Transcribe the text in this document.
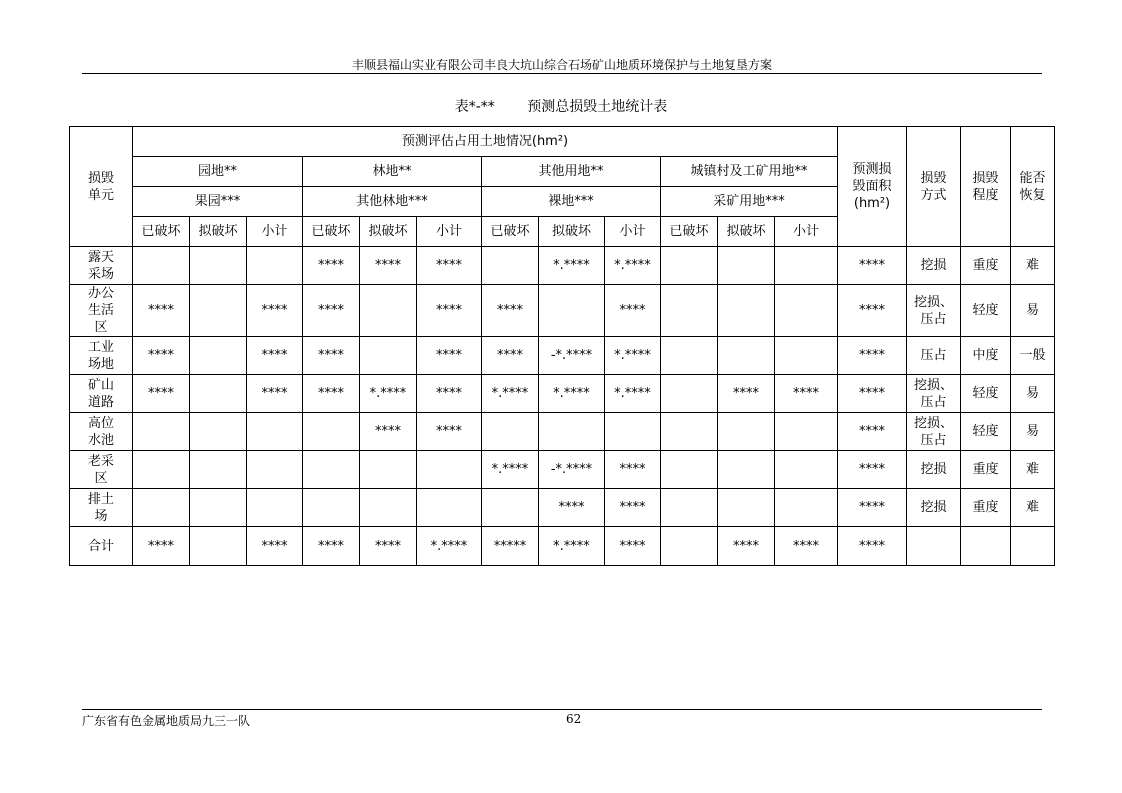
丰顺县福山实业有限公司丰良大坑山综合石场矿山地质环境保护与土地复垦方案
表*-** 预测总损毁土地统计表
损毁单元	预测评估占用土地情况(hm²)												预测损毁面积(hm²)	损毁方式	损毁程度	能否恢复
	园地**			林地**			其他用地**			城镇村及工矿用地**						
	果园***			其他林地***			裸地***			采矿用地***						
	已破坏	拟破坏	小计	已破坏	拟破坏	小计	已破坏	拟破坏	小计	已破坏	拟破坏	小计				
露天采场				****	****	****		*.****	*.****				****	挖损	重度	难
办公生活区	****		****	****		****	****		****				****	挖损、压占	轻度	易
工业场地	****		****	****		****	****	-*.****	*.****				****	压占	中度	一般
矿山道路	****		****	****	*.****	****	*.****	*.****	*.****		****	****	****	挖损、压占	轻度	易
高位水池					****	****							****	挖损、压占	轻度	易
老采区							*.****	-*.****	****				****	挖损	重度	难
排土场								****	****				****	挖损	重度	难
合计	****		****	****	****	*.****	*****	*.****	****		****	****	****			
广东省有色金属地质局九三一队	62
